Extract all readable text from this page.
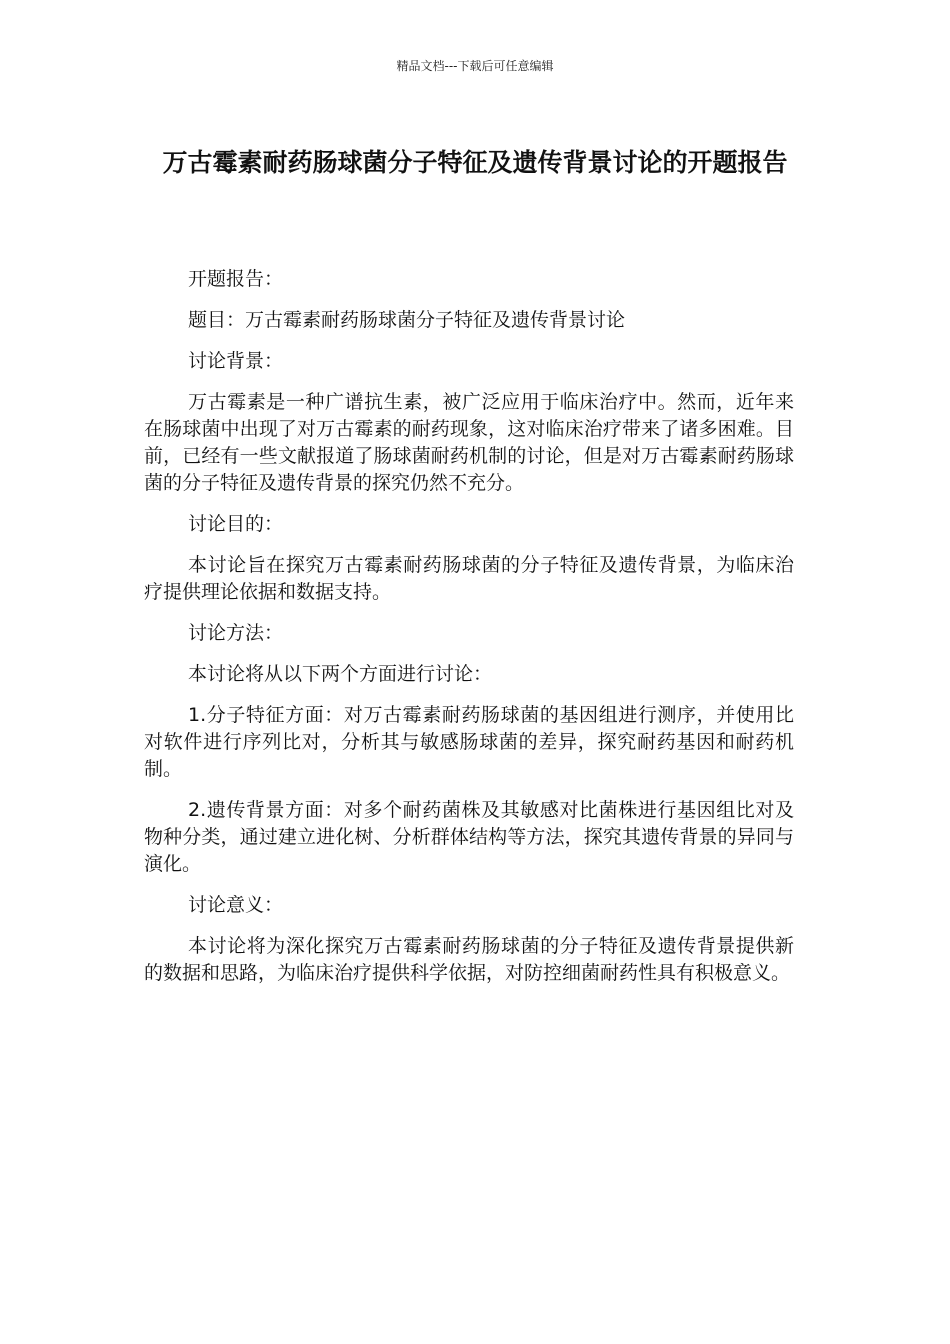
精品文档---下载后可任意编辑
万古霉素耐药肠球菌分子特征及遗传背景讨论的开题报告

开题报告：

题目：万古霉素耐药肠球菌分子特征及遗传背景讨论

讨论背景：

万古霉素是一种广谱抗生素，被广泛应用于临床治疗中。然而，近年来在肠球菌中出现了对万古霉素的耐药现象，这对临床治疗带来了诸多困难。目前，已经有一些文献报道了肠球菌耐药机制的讨论，但是对万古霉素耐药肠球菌的分子特征及遗传背景的探究仍然不充分。

讨论目的：

本讨论旨在探究万古霉素耐药肠球菌的分子特征及遗传背景，为临床治疗提供理论依据和数据支持。

讨论方法：

本讨论将从以下两个方面进行讨论：

1.分子特征方面：对万古霉素耐药肠球菌的基因组进行测序，并使用比对软件进行序列比对，分析其与敏感肠球菌的差异，探究耐药基因和耐药机制。

2.遗传背景方面：对多个耐药菌株及其敏感对比菌株进行基因组比对及物种分类，通过建立进化树、分析群体结构等方法，探究其遗传背景的异同与演化。

讨论意义：

本讨论将为深化探究万古霉素耐药肠球菌的分子特征及遗传背景提供新的数据和思路，为临床治疗提供科学依据，对防控细菌耐药性具有积极意义。
